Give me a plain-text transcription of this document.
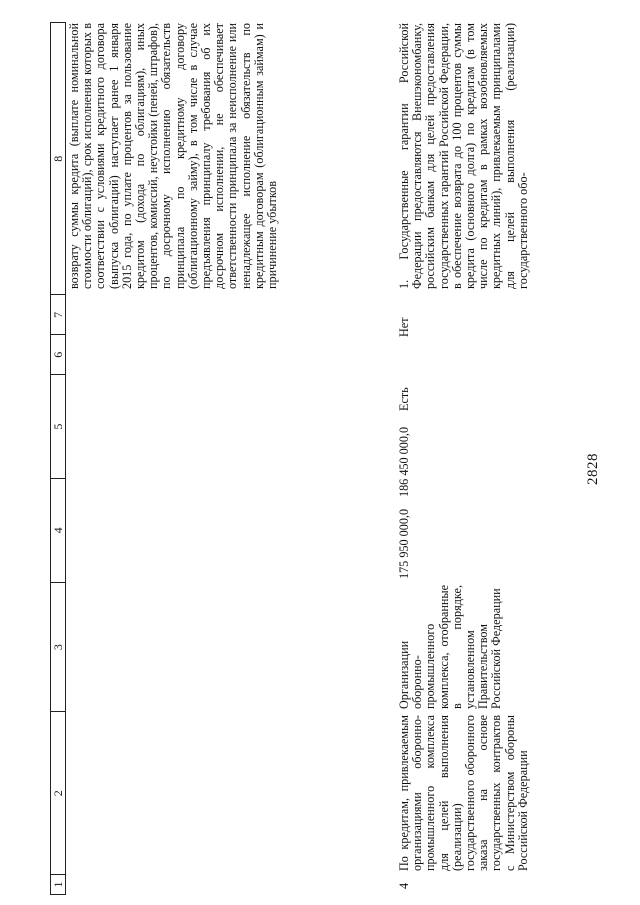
2828
1
2
3
4
5
6
7
8 возврату суммы кредита (выплате номинальной стоимости облигаций), срок исполнения которых в соответствии с условиями кредитного договора (выпуска облигаций) наступает ранее 1 января 2015 года, по уплате процентов за пользование кредитом (дохода по облигациям), иных процентов, комиссий, неустойки (пеней, штрафов), по досрочному исполнению обязательств принципала по кредитному договору (облигационному займу), в том числе в случае предъявления принципалу требования об их досрочном исполнении, не обеспечивает ответственности принципала за неисполнение или ненадлежащее исполнение обязательств по кредитным договорам (облигационным займам) и причинение убытков
4
По кредитам, привлекаемым организациями оборонно-промышленного комплекса для целей выполнения (реализации) государственного оборонного заказа на основе государственных контрактов с Министерством обороны Российской Федерации
Организации оборонно-промышленного комплекса, отобранные в порядке, установленном Правительством Российской Федерации
175 950 000,0
186 450 000,0
Есть
Нет
1. Государственные гарантии Российской Федерации предоставляются Внешэкономбанку, российским банкам для целей предоставления государственных гарантий Российской Федерации, в обеспечение возврата до 100 процентов суммы кредита (основного долга) по кредитам (в том числе по кредитам в рамках возобновляемых кредитных линий), привлекаемым принципалами для целей выполнения (реализации) государственного обо-
